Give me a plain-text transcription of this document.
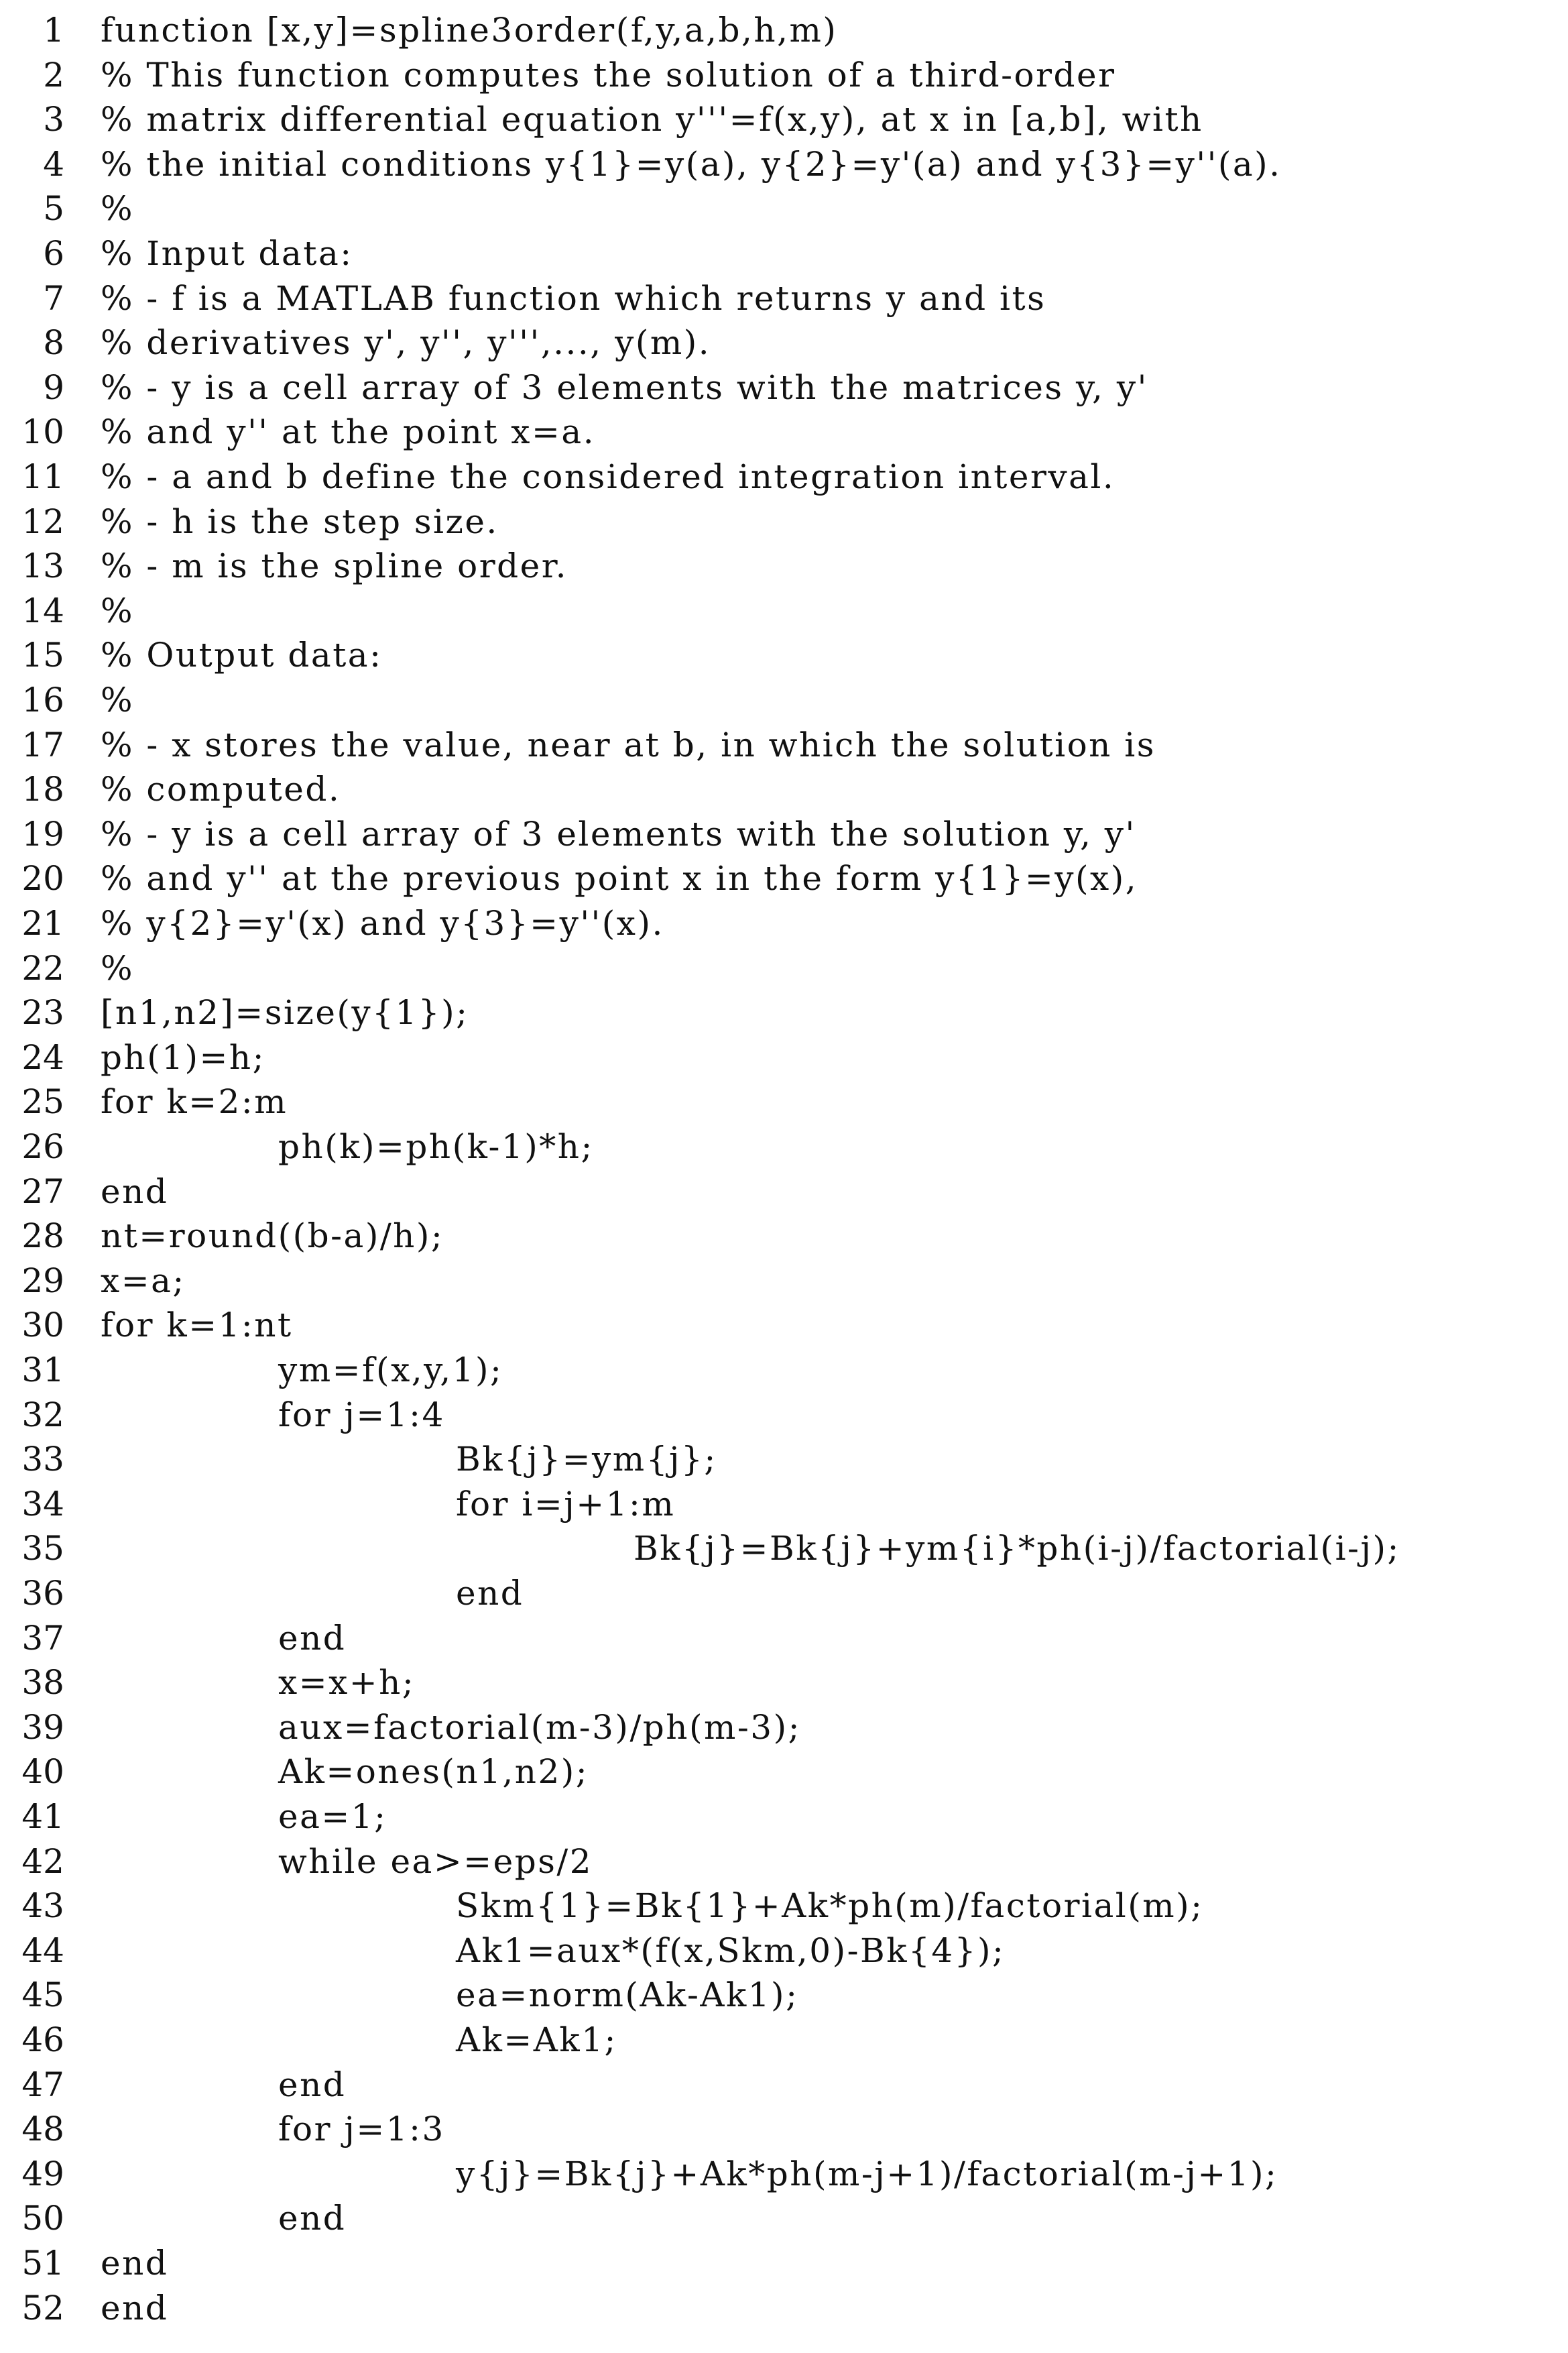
1 function [x,y]=spline3order(f,y,a,b,h,m)
2 % This function computes the solution of a third-order
3 % matrix differential equation y'''=f(x,y), at x in [a,b], with
4 % the initial conditions y{1}=y(a), y{2}=y'(a) and y{3}=y''(a).
5 %
6 % Input data:
7 % - f is a MATLAB function which returns y and its
8 % derivatives y', y'', y''',..., y(m).
9 % - y is a cell array of 3 elements with the matrices y, y'
10 % and y'' at the point x=a.
11 % - a and b define the considered integration interval.
12 % - h is the step size.
13 % - m is the spline order.
14 %
15 % Output data:
16 %
17 % - x stores the value, near at b, in which the solution is
18 % computed.
19 % - y is a cell array of 3 elements with the solution y, y'
20 % and y'' at the previous point x in the form y{1}=y(x),
21 % y{2}=y'(x) and y{3}=y''(x).
22 %
23 [n1,n2]=size(y{1});
24 ph(1)=h;
25 for k=2:m
26	ph(k)=ph(k-1)*h;
27 end
28 nt=round((b-a)/h);
29 x=a;
30 for k=1:nt
31	ym=f(x,y,1);
32	for j=1:4
33	Bk{j}=ym{j};
34	for i=j+1:m
35	Bk{j}=Bk{j}+ym{i}*ph(i-j)/factorial(i-j);
36	end
37	end
38	x=x+h;
39	aux=factorial(m-3)/ph(m-3);
40	Ak=ones(n1,n2);
41	ea=1;
42	while ea>=eps/2
43	Skm{1}=Bk{1}+Ak*ph(m)/factorial(m);
44	Ak1=aux*(f(x,Skm,0)-Bk{4});
45	ea=norm(Ak-Ak1);
46	Ak=Ak1;
47	end
48	for j=1:3
49	y{j}=Bk{j}+Ak*ph(m-j+1)/factorial(m-j+1);
50	end
51 end
52 end
